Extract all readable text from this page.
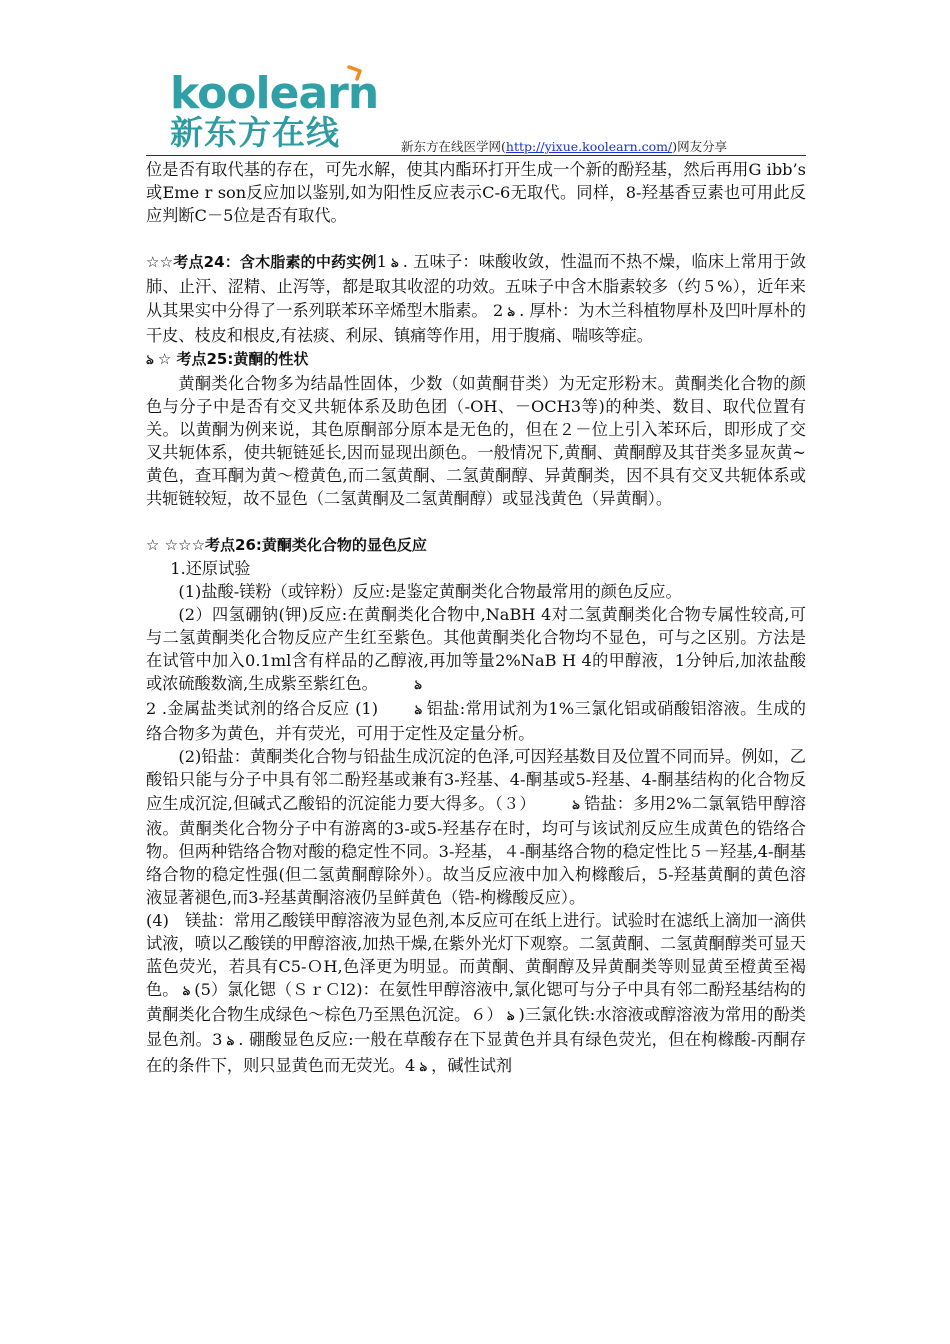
koolearn
新东方在线	新东方在线医学网(http://yixue.koolearn.com/)网友分享

位是否有取代基的存在，可先水解，使其内酯环打开生成一个新的酚羟基，然后再用G ibb’s或Eme r son反应加以鉴别,如为阳性反应表示C-6无取代。同样，8-羟基香豆素也可用此反应判断C－5位是否有取代。

☆☆考点24：含木脂素的中药实例1 ঌ . 五味子：味酸收敛，性温而不热不燥，临床上常用于敛肺、止汗、涩精、止泻等，都是取其收涩的功效。五味子中含木脂素较多（约５%），近年来从其果实中分得了一系列联苯环辛烯型木脂素。 2 ঌ . 厚朴：为木兰科植物厚朴及凹叶厚朴的干皮、枝皮和根皮,有祛痰、利尿、镇痛等作用，用于腹痛、喘咳等症。

ঌ ☆ 考点25:黄酮的性状

黄酮类化合物多为结晶性固体，少数（如黄酮苷类）为无定形粉末。黄酮类化合物的颜色与分子中是否有交叉共轭体系及助色团（-OH、－OCH3等)的种类、数目、取代位置有关。以黄酮为例来说，其色原酮部分原本是无色的，但在２－位上引入苯环后，即形成了交叉共轭体系，使共轭链延长,因而显现出颜色。一般情况下,黄酮、黄酮醇及其苷类多显灰黄~黄色，查耳酮为黄～橙黄色,而二氢黄酮、二氢黄酮醇、异黄酮类，因不具有交叉共轭体系或共轭链较短，故不显色（二氢黄酮及二氢黄酮醇）或显浅黄色（异黄酮）。

☆ ☆☆☆考点26:黄酮类化合物的显色反应

1.还原试验

(1)盐酸-镁粉（或锌粉）反应:是鉴定黄酮类化合物最常用的颜色反应。

(2）四氢硼钠(钾)反应:在黄酮类化合物中,NaBH 4对二氢黄酮类化合物专属性较高,可与二氢黄酮类化合物反应产生红至紫色。其他黄酮类化合物均不显色，可与之区别。方法是在试管中加入0.1ml含有样品的乙醇液,再加等量2%NaB H 4的甲醇液，1分钟后,加浓盐酸或浓硫酸数滴,生成紫至紫红色。	ঌ
2 .金属盐类试剂的络合反应 (1)	ঌ 铝盐:常用试剂为1%三氯化铝或硝酸铝溶液。生成的络合物多为黄色，并有荧光，可用于定性及定量分析。

(2)铅盐：黄酮类化合物与铅盐生成沉淀的色泽,可因羟基数目及位置不同而异。例如，乙酸铅只能与分子中具有邻二酚羟基或兼有3-羟基、4-酮基或5-羟基、4-酮基结构的化合物反应生成沉淀,但碱式乙酸铅的沉淀能力要大得多。（３）	ঌ 锆盐：多用2%二氯氧锆甲醇溶液。黄酮类化合物分子中有游离的3-或5-羟基存在时，均可与该试剂反应生成黄色的锆络合物。但两种锆络合物对酸的稳定性不同。3-羟基，４-酮基络合物的稳定性比５－羟基,4-酮基络合物的稳定性强(但二氢黄酮醇除外）。故当反应液中加入枸橼酸后，5-羟基黄酮的黄色溶液显著褪色,而3-羟基黄酮溶液仍呈鲜黄色（锆-枸橼酸反应）。

(4)　镁盐：常用乙酸镁甲醇溶液为显色剂,本反应可在纸上进行。试验时在滤纸上滴加一滴供试液，喷以乙酸镁的甲醇溶液,加热干燥,在紫外光灯下观察。二氢黄酮、二氢黄酮醇类可显天蓝色荧光，若具有C5-ＯH,色泽更为明显。而黄酮、黄酮醇及异黄酮类等则显黄至橙黄至褐色。 ঌ (5）氯化锶（ＳｒＣl2)：在氨性甲醇溶液中,氯化锶可与分子中具有邻二酚羟基结构的黄酮类化合物生成绿色～棕色乃至黑色沉淀。６） ঌ )三氯化铁:水溶液或醇溶液为常用的酚类显色剂。3 ঌ . 硼酸显色反应:一般在草酸存在下显黄色并具有绿色荧光，但在枸橼酸-丙酮存在的条件下，则只显黄色而无荧光。4 ঌ ，碱性试剂
